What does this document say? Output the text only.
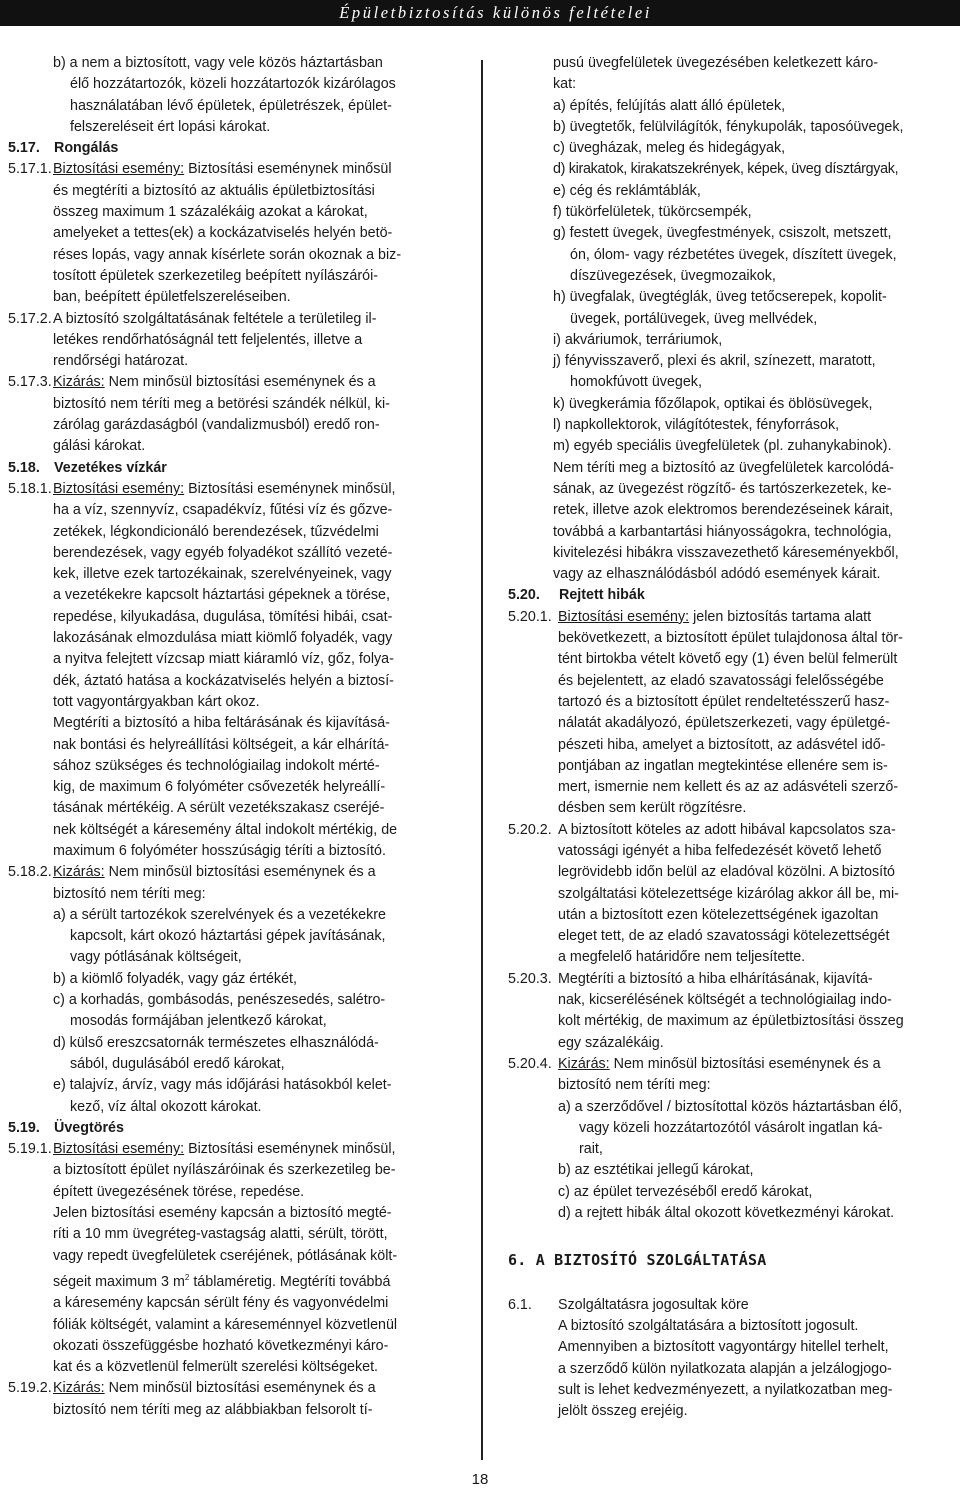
Épületbiztosítás különös feltételei
b) a nem a biztosított, vagy vele közös háztartásban
élő hozzátartozók, közeli hozzátartozók kizárólagos
használatában lévő épületek, épületrészek, épület-
felszereléseit ért lopási károkat.
5.17. Rongálás
5.17.1. Biztosítási esemény: Biztosítási eseménynek minősül
és megtéríti a biztosító az aktuális épületbiztosítási
összeg maximum 1 százalékáig azokat a károkat,
amelyeket a tettes(ek) a kockázatviselés helyén betö-
réses lopás, vagy annak kísérlete során okoznak a biz-
tosított épületek szerkezetileg beépített nyílászárói-
ban, beépített épületfelszereléseiben.
5.17.2. A biztosító szolgáltatásának feltétele a területileg il-
letékes rendőrhatóságnál tett feljelentés, illetve a
rendőrségi határozat.
5.17.3. Kizárás: Nem minősül biztosítási eseménynek és a
biztosító nem téríti meg a betörési szándék nélkül, ki-
zárólag garázdaságból (vandalizmusból) eredő ron-
gálási károkat.
5.18. Vezetékes vízkár
5.18.1. Biztosítási esemény: Biztosítási eseménynek minősül,
ha a víz, szennyvíz, csapadékvíz, fűtési víz és gőzve-
zetékek, légkondicionáló berendezések, tűzvédelmi
berendezések, vagy egyéb folyadékot szállító vezeté-
kek, illetve ezek tartozékainak, szerelvényeinek, vagy
a vezetékekre kapcsolt háztartási gépeknek a törése,
repedése, kilyukadása, dugulása, tömítési hibái, csat-
lakozásának elmozdulása miatt kiömlő folyadék, vagy
a nyitva felejtett vízcsap miatt kiáramló víz, gőz, folya-
dék, áztató hatása a kockázatviselés helyén a biztosí-
tott vagyontárgyakban kárt okoz.
Megtéríti a biztosító a hiba feltárásának és kijavításá-
nak bontási és helyreállítási költségeit, a kár elhárítá-
sához szükséges és technológiailag indokolt mérté-
kig, de maximum 6 folyóméter csővezeték helyreállí-
tásának mértékéig. A sérült vezetékszakasz cseréjé-
nek költségét a káresemény által indokolt mértékig, de
maximum 6 folyóméter hosszúságig téríti a biztosító.
5.18.2. Kizárás: Nem minősül biztosítási eseménynek és a
biztosító nem téríti meg:
a) a sérült tartozékok szerelvények és a vezetékekre
kapcsolt, kárt okozó háztartási gépek javításának,
vagy pótlásának költségeit,
b) a kiömlő folyadék, vagy gáz értékét,
c) a korhadás, gombásodás, penészesedés, salétro-
mosodás formájában jelentkező károkat,
d) külső ereszcsatornák természetes elhasználódá-
sából, dugulásából eredő károkat,
e) talajvíz, árvíz, vagy más időjárási hatásokból kelet-
kező, víz által okozott károkat.
5.19. Üvegtörés
5.19.1. Biztosítási esemény: Biztosítási eseménynek minősül,
a biztosított épület nyílászáróinak és szerkezetileg be-
épített üvegezésének törése, repedése.
Jelen biztosítási esemény kapcsán a biztosító megté-
ríti a 10 mm üvegréteg-vastagság alatti, sérült, törött,
vagy repedt üvegfelületek cseréjének, pótlásának költ-
ségeit maximum 3 $m^2$ táblaméretig. Megtéríti továbbá
a káresemény kapcsán sérült fény és vagyonvédelmi
fóliák költségét, valamint a káreseménnyel közvetlenül
okozati összefüggésbe hozható következményi káro-
kat és a közvetlenül felmerült szerelési költségeket.
5.19.2. Kizárás: Nem minősül biztosítási eseménynek és a
biztosító nem téríti meg az alábbiakban felsorolt tí-
pusú üvegfelületek üvegezésében keletkezett káro-
kat:
a) építés, felújítás alatt álló épületek,
b) üvegtetők, felülvilágítók, fénykupolák, taposóüvegek,
c) üvegházak, meleg és hidegágyak,
d) kirakatok, kirakatszekrények, képek, üveg dísztárgyak,
e) cég és reklámtáblák,
f) tükörfelületek, tükörcsempék,
g) festett üvegek, üvegfestmények, csiszolt, metszett,
ón, ólom- vagy rézbetétes üvegek, díszített üvegek,
díszüvegezések, üvegmozaikok,
h) üvegfalak, üvegtéglák, üveg tetőcserepek, kopolit-
üvegek, portálüvegek, üveg mellvédek,
i) akváriumok, terráriumok,
j) fényvisszaverő, plexi és akril, színezett, maratott,
homokfúvott üvegek,
k) üvegkerámia főzőlapok, optikai és öblösüvegek,
l) napkollektorok, világítótestek, fényforrások,
m) egyéb speciális üvegfelületek (pl. zuhanykabinok).
Nem téríti meg a biztosító az üvegfelületek karcolódá-
sának, az üvegezést rögzítő- és tartószerkezetek, ke-
retek, illetve azok elektromos berendezéseinek kárait,
továbbá a karbantartási hiányosságokra, technológia,
kivitelezési hibákra visszavezethető káreseményekből,
vagy az elhasználódásból adódó események kárait.
5.20.	Rejtett hibák
5.20.1. Biztosítási esemény: jelen biztosítás tartama alatt
bekövetkezett, a biztosított épület tulajdonosa által tör-
tént birtokba vételt követő egy (1) éven belül felmerült
és bejelentett, az eladó szavatossági felelősségébe
tartozó és a biztosított épület rendeltetésszerű hasz-
nálatát akadályozó, épületszerkezeti, vagy épületgé-
pészeti hiba, amelyet a biztosított, az adásvétel idő-
pontjában az ingatlan megtekintése ellenére sem is-
mert, ismernie nem kellett és az az adásvételi szerző-
désben sem került rögzítésre.
5.20.2. A biztosított köteles az adott hibával kapcsolatos sza-
vatossági igényét a hiba felfedezését követő lehető
legrövidebb időn belül az eladóval közölni. A biztosító
szolgáltatási kötelezettsége kizárólag akkor áll be, mi-
után a biztosított ezen kötelezettségének igazoltan
eleget tett, de az eladó szavatossági kötelezettségét
a megfelelő határidőre nem teljesítette.
5.20.3. Megtéríti a biztosító a hiba elhárításának, kijavítá-
nak, kicserélésének költségét a technológiailag indo-
kolt mértékig, de maximum az épületbiztosítási összeg
egy százalékáig.
5.20.4. Kizárás: Nem minősül biztosítási eseménynek és a
biztosító nem téríti meg:
a) a szerződővel / biztosítottal közös háztartásban élő,
vagy közeli hozzátartozótól vásárolt ingatlan ká-
rait,
b) az esztétikai jellegű károkat,
c) az épület tervezéséből eredő károkat,
d) a rejtett hibák által okozott következményi károkat.
6. A BIZTOSÍTÓ SZOLGÁLTATÁSA
6.1.	Szolgáltatásra jogosultak köre
A biztosító szolgáltatására a biztosított jogosult.
Amennyiben a biztosított vagyontárgy hitellel terhelt,
a szerződő külön nyilatkozata alapján a jelzálogjogo-
sult is lehet kedvezményezett, a nyilatkozatban meg-
jelölt összeg erejéig.
18
